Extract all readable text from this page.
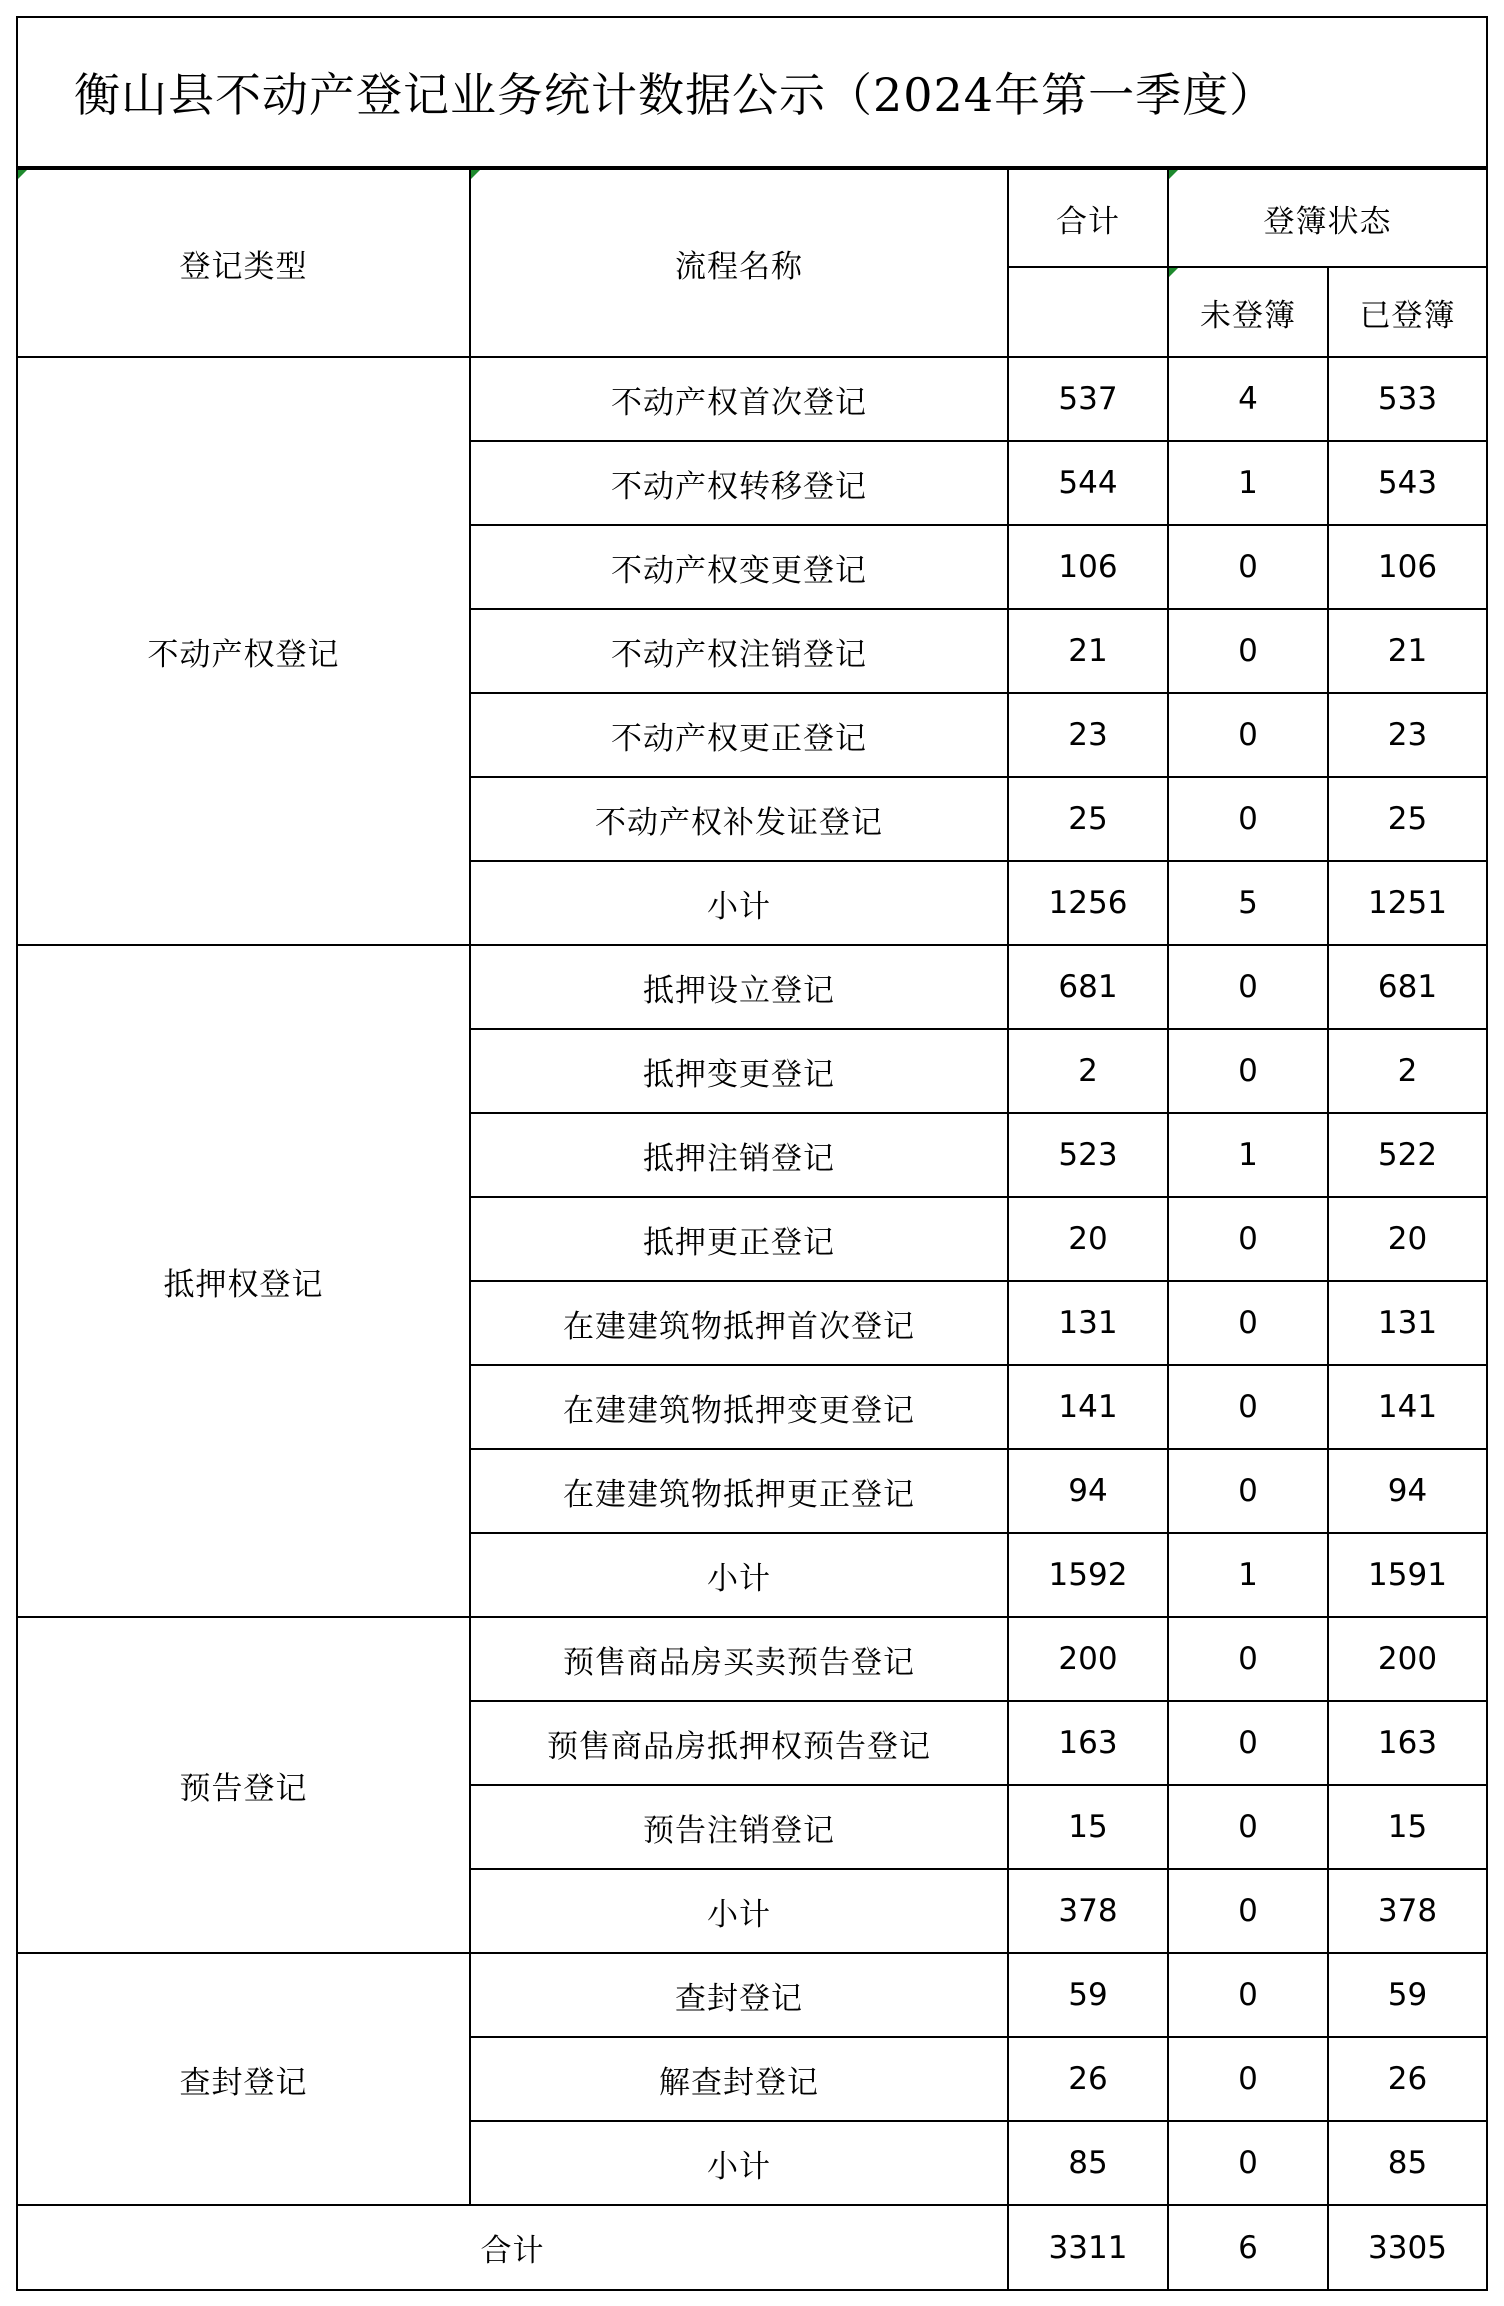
衡山县不动产登记业务统计数据公示（2024年第一季度）
登记类型	流程名称	合计	登簿状态	
			未登簿	已登簿
不动产权登记	不动产权首次登记	537	4	533
	不动产权转移登记	544	1	543
	不动产权变更登记	106	0	106
	不动产权注销登记	21	0	21
	不动产权更正登记	23	0	23
	不动产权补发证登记	25	0	25
	小计	1256	5	1251
抵押权登记	抵押设立登记	681	0	681
	抵押变更登记	2	0	2
	抵押注销登记	523	1	522
	抵押更正登记	20	0	20
	在建建筑物抵押首次登记	131	0	131
	在建建筑物抵押变更登记	141	0	141
	在建建筑物抵押更正登记	94	0	94
	小计	1592	1	1591
预告登记	预售商品房买卖预告登记	200	0	200
	预售商品房抵押权预告登记	163	0	163
	预告注销登记	15	0	15
	小计	378	0	378
查封登记	查封登记	59	0	59
	解查封登记	26	0	26
	小计	85	0	85
合计		3311	6	3305
